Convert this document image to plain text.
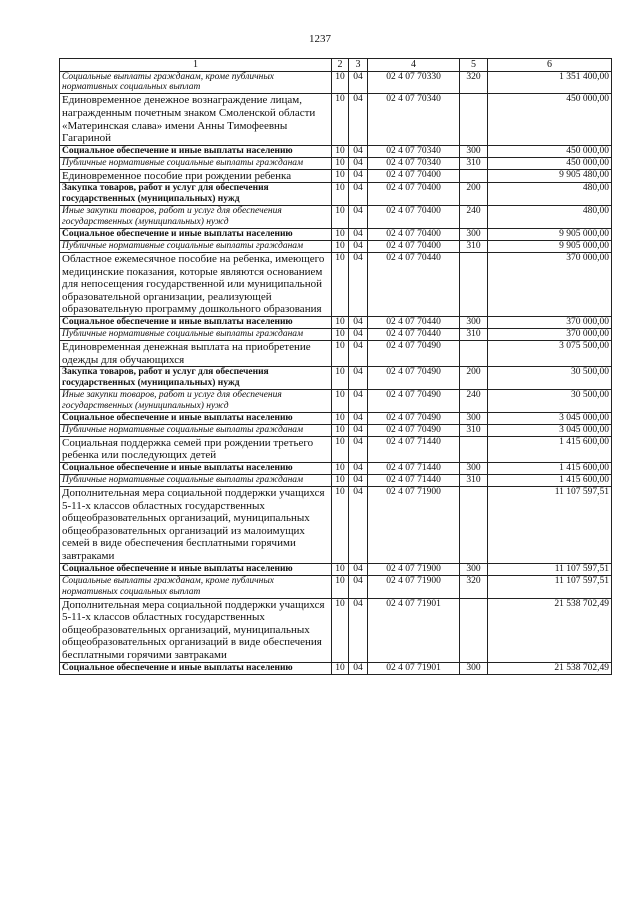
1237
1	2	3	4	5	6
Социальные выплаты гражданам, кроме публичных нормативных социальных выплат	10	04	02 4 07 70330	320	1 351 400,00
Единовременное денежное вознаграждение лицам, награжденным почетным знаком Смоленской области «Материнская слава» имени Анны Тимофеевны Гагариной	10	04	02 4 07 70340		450 000,00
Социальное обеспечение и иные выплаты населению	10	04	02 4 07 70340	300	450 000,00
Публичные нормативные социальные выплаты гражданам	10	04	02 4 07 70340	310	450 000,00
Единовременное пособие при рождении ребенка	10	04	02 4 07 70400		9 905 480,00
Закупка товаров, работ и услуг для обеспечения государственных (муниципальных) нужд	10	04	02 4 07 70400	200	480,00
Иные закупки товаров, работ и услуг для обеспечения государственных (муниципальных) нужд	10	04	02 4 07 70400	240	480,00
Социальное обеспечение и иные выплаты населению	10	04	02 4 07 70400	300	9 905 000,00
Публичные нормативные социальные выплаты гражданам	10	04	02 4 07 70400	310	9 905 000,00
Областное ежемесячное пособие на ребенка, имеющего медицинские показания, которые являются основанием для непосещения государственной или муниципальной образовательной организации, реализующей образовательную программу дошкольного образования	10	04	02 4 07 70440		370 000,00
Социальное обеспечение и иные выплаты населению	10	04	02 4 07 70440	300	370 000,00
Публичные нормативные социальные выплаты гражданам	10	04	02 4 07 70440	310	370 000,00
Единовременная денежная выплата на приобретение одежды для обучающихся	10	04	02 4 07 70490		3 075 500,00
Закупка товаров, работ и услуг для обеспечения государственных (муниципальных) нужд	10	04	02 4 07 70490	200	30 500,00
Иные закупки товаров, работ и услуг для обеспечения государственных (муниципальных) нужд	10	04	02 4 07 70490	240	30 500,00
Социальное обеспечение и иные выплаты населению	10	04	02 4 07 70490	300	3 045 000,00
Публичные нормативные социальные выплаты гражданам	10	04	02 4 07 70490	310	3 045 000,00
Социальная поддержка семей при рождении третьего ребенка или последующих детей	10	04	02 4 07 71440		1 415 600,00
Социальное обеспечение и иные выплаты населению	10	04	02 4 07 71440	300	1 415 600,00
Публичные нормативные социальные выплаты гражданам	10	04	02 4 07 71440	310	1 415 600,00
Дополнительная мера социальной поддержки учащихся 5-11-х классов областных государственных общеобразовательных организаций, муниципальных общеобразовательных организаций из малоимущих семей в виде обеспечения бесплатными горячими завтраками	10	04	02 4 07 71900		11 107 597,51
Социальное обеспечение и иные выплаты населению	10	04	02 4 07 71900	300	11 107 597,51
Социальные выплаты гражданам, кроме публичных нормативных социальных выплат	10	04	02 4 07 71900	320	11 107 597,51
Дополнительная мера социальной поддержки учащихся 5-11-х классов областных государственных общеобразовательных организаций, муниципальных общеобразовательных организаций в виде обеспечения бесплатными горячими завтраками	10	04	02 4 07 71901		21 538 702,49
Социальное обеспечение и иные выплаты населению	10	04	02 4 07 71901	300	21 538 702,49
